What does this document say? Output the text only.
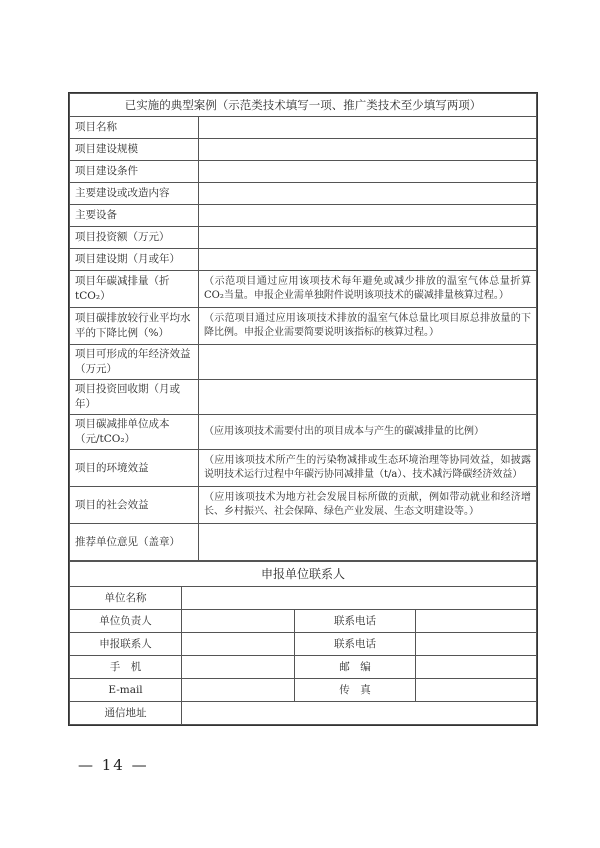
已实施的典型案例（示范类技术填写一项、推广类技术至少填写两项）	
项目名称	
项目建设规模	
项目建设条件	
主要建设或改造内容	
主要设备	
项目投资额（万元）	
项目建设期（月或年）	
项目年碳减排量（折tCO₂）	（示范项目通过应用该项技术每年避免或减少排放的温室气体总量折算CO₂当量。申报企业需单独附件说明该项技术的碳减排量核算过程。）
项目碳排放较行业平均水平的下降比例（%）	（示范项目通过应用该项技术排放的温室气体总量比项目原总排放量的下降比例。申报企业需要简要说明该指标的核算过程。）
项目可形成的年经济效益（万元）	
项目投资回收期（月或年）	
项目碳减排单位成本（元/tCO₂）	（应用该项技术需要付出的项目成本与产生的碳减排量的比例）
项目的环境效益	（应用该项技术所产生的污染物减排或生态环境治理等协同效益，如披露说明技术运行过程中年碳污协同减排量（t/a）、技术减污降碳经济效益）
项目的社会效益	（应用该项技术为地方社会发展目标所做的贡献，例如带动就业和经济增长、乡村振兴、社会保障、绿色产业发展、生态文明建设等。）
推荐单位意见（盖章）	
申报单位联系人			
单位名称			
单位负责人		联系电话	
申报联系人		联系电话	
手　机		邮　编	
E-mail		传　真	
通信地址			
— 14 —
